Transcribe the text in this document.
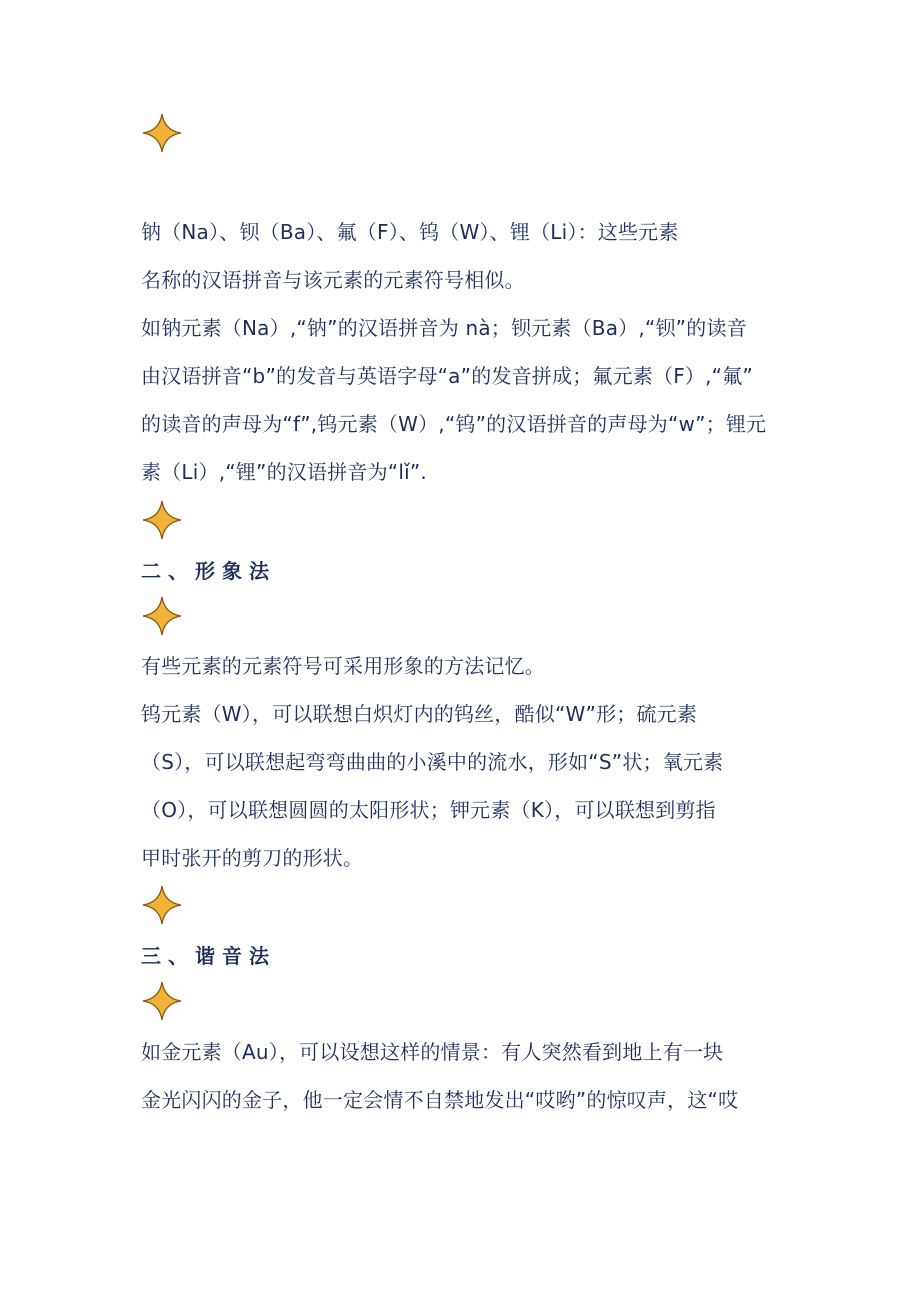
钠（Na）、钡（Ba）、氟（F）、钨（W）、锂（Li）：这些元素
名称的汉语拼音与该元素的元素符号相似。
如钠元素（Na）,“钠”的汉语拼音为 nà；钡元素（Ba）,“钡”的读音
由汉语拼音“b”的发音与英语字母“a”的发音拼成；氟元素（F）,“氟”
的读音的声母为“f”,钨元素（W）,“钨”的汉语拼音的声母为“w”；锂元
素（Li）,“锂”的汉语拼音为“lǐ”.
二、形象法
有些元素的元素符号可采用形象的方法记忆。
钨元素（W），可以联想白炽灯内的钨丝，酷似“W”形；硫元素
（S），可以联想起弯弯曲曲的小溪中的流水，形如“S”状；氧元素
（O），可以联想圆圆的太阳形状；钾元素（K），可以联想到剪指
甲时张开的剪刀的形状。
三、谐音法
如金元素（Au），可以设想这样的情景：有人突然看到地上有一块
金光闪闪的金子，他一定会情不自禁地发出“哎哟”的惊叹声，这“哎
